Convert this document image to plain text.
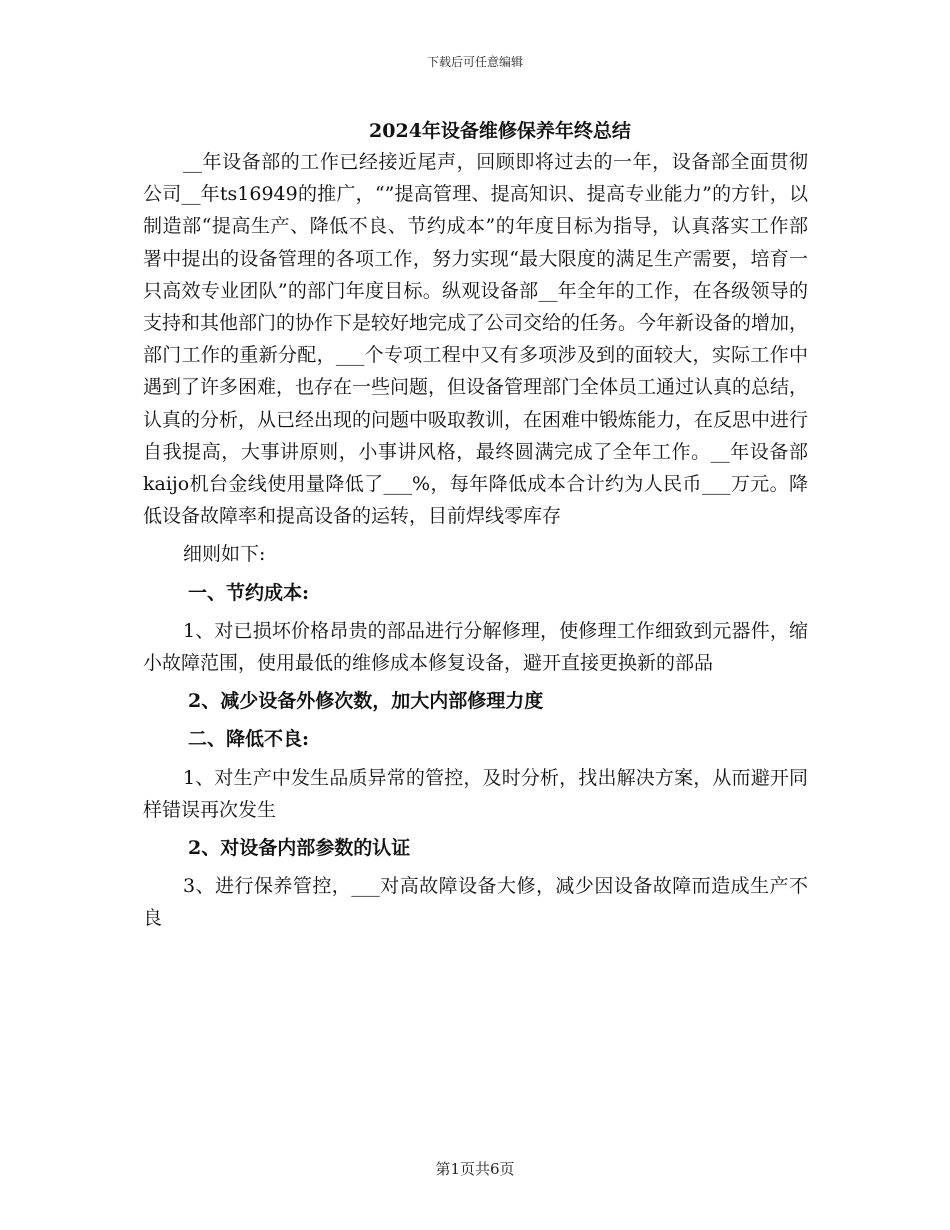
下载后可任意编辑
2024年设备维修保养年终总结

__年设备部的工作已经接近尾声，回顾即将过去的一年，设备部全面贯彻公司__年ts16949的推广，“”提高管理、提高知识、提高专业能力”的方针，以制造部“提高生产、降低不良、节约成本”的年度目标为指导，认真落实工作部署中提出的设备管理的各项工作，努力实现“最大限度的满足生产需要，培育一只高效专业团队”的部门年度目标。纵观设备部__年全年的工作，在各级领导的支持和其他部门的协作下是较好地完成了公司交给的任务。今年新设备的增加，部门工作的重新分配，___个专项工程中又有多项涉及到的面较大，实际工作中遇到了许多困难，也存在一些问题，但设备管理部门全体员工通过认真的总结，认真的分析，从已经出现的问题中吸取教训，在困难中锻炼能力，在反思中进行自我提高，大事讲原则，小事讲风格，最终圆满完成了全年工作。__年设备部kaijo机台金线使用量降低了___%，每年降低成本合计约为人民币___万元。降低设备故障率和提高设备的运转，目前焊线零库存

细则如下:

一、节约成本:

1、对已损坏价格昂贵的部品进行分解修理，使修理工作细致到元器件，缩小故障范围，使用最低的维修成本修复设备，避开直接更换新的部品

2、减少设备外修次数，加大内部修理力度

二、降低不良:

1、对生产中发生品质异常的管控，及时分析，找出解决方案，从而避开同样错误再次发生

2、对设备内部参数的认证

3、进行保养管控，___对高故障设备大修，减少因设备故障而造成生产不良

第1页共6页
